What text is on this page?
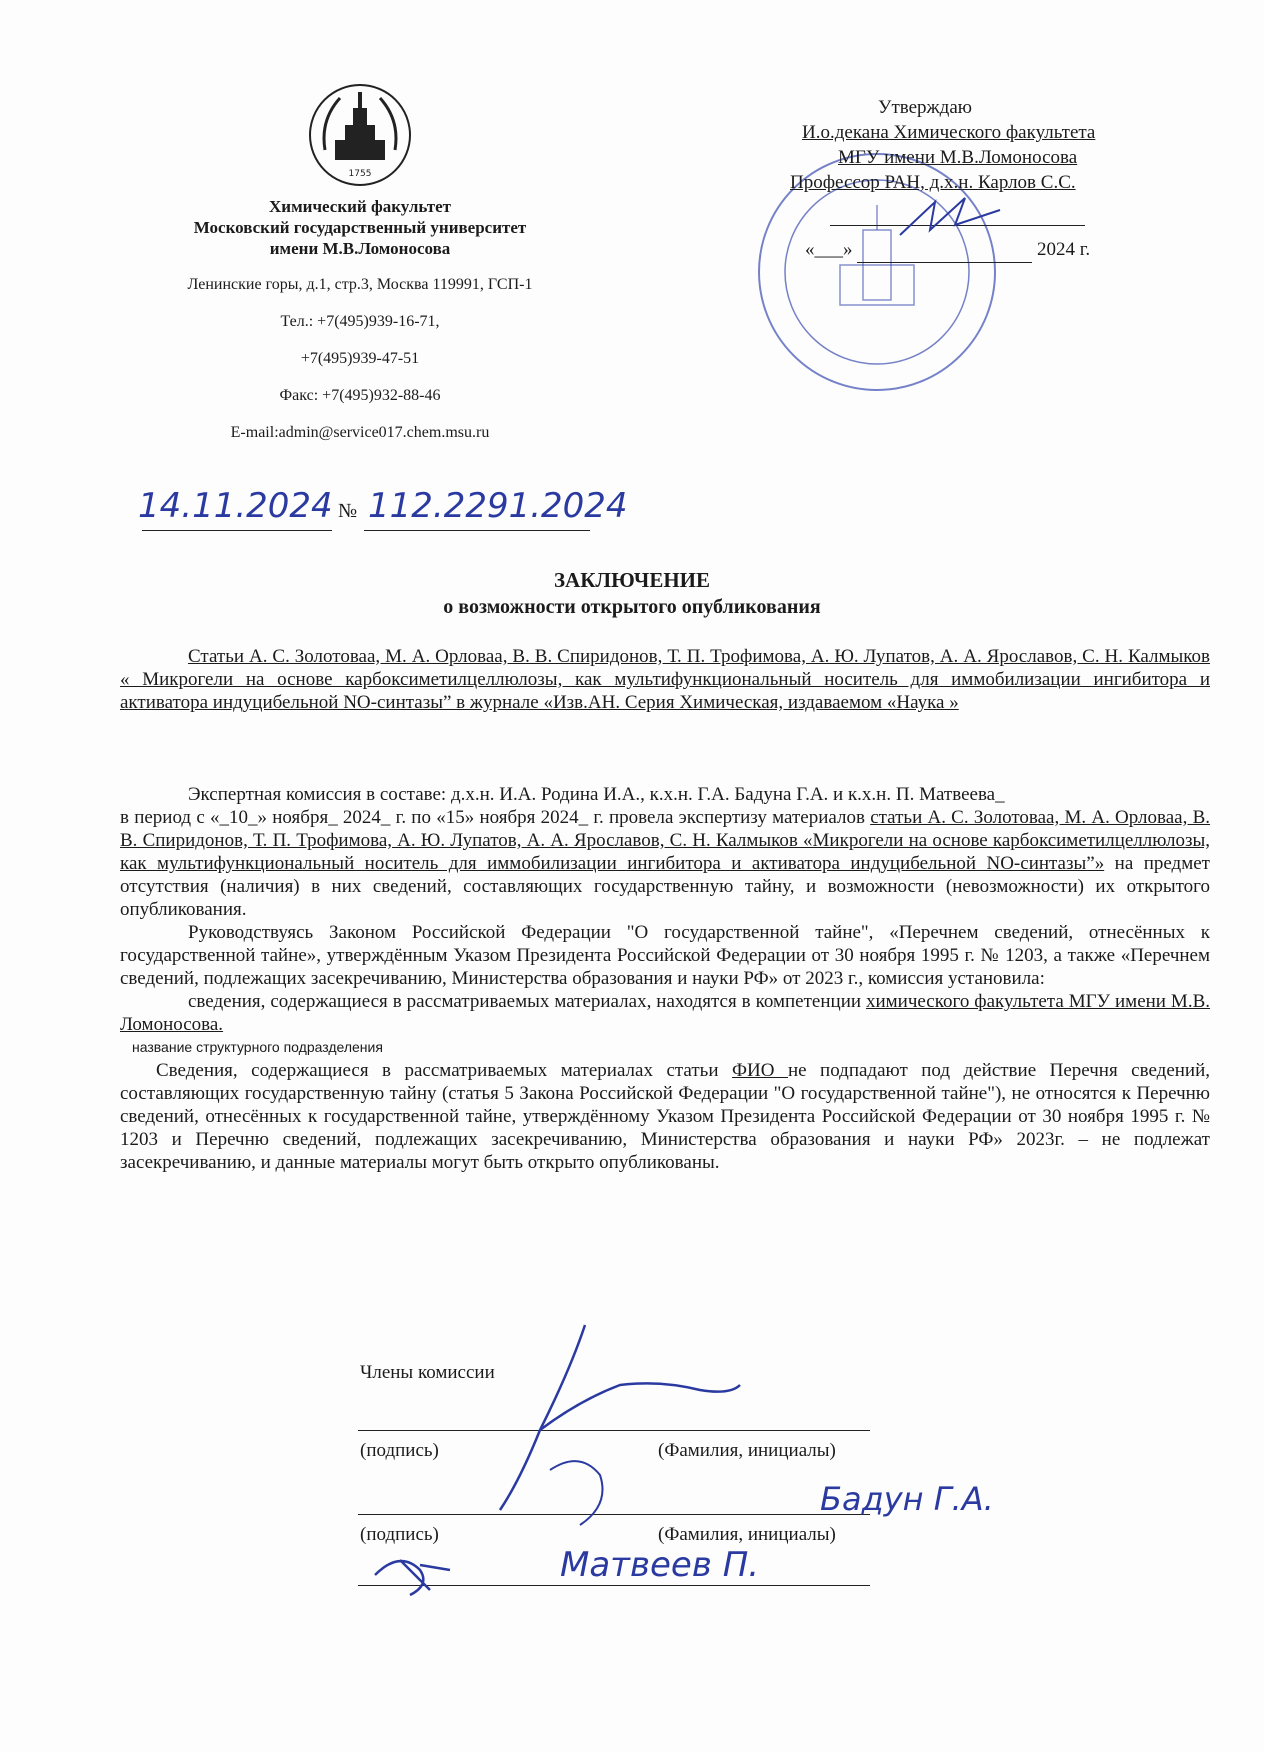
1755
Химический факультет
Московский государственный университет
имени М.В.Ломоносова
Ленинские горы, д.1, стр.3, Москва 119991, ГСП-1
Тел.: +7(495)939-16-71,
+7(495)939-47-51
Факс: +7(495)932-88-46
E-mail:admin@service017.chem.msu.ru
Утверждаю
И.о.декана Химического факультета
МГУ имени М.В.Ломоносова
Профессор РАН, д.х.н. Карлов С.С.
«___»	2024 г.
14.11.2024 № 112.2291.2024
ЗАКЛЮЧЕНИЕ
о возможности открытого опубликования
Статьи А. С. Золотоваа, М. А. Орловаа, В. В. Спиридонов, Т. П. Трофимова, А. Ю. Лупатов, А. А. Ярославов, С. Н. Калмыков « Микрогели на основе карбоксиметилцеллюлозы, как мультифункциональный носитель для иммобилизации ингибитора и активатора индуцибельной NO-синтазы” в журнале «Изв.АН. Серия Химическая, издаваемом «Наука »
Экспертная комиссия в составе: д.х.н. И.А. Родина И.А., к.х.н. Г.А. Бадуна Г.А. и к.х.н. П. Матвеева_
в период с «_10_» ноября_ 2024_ г. по «15» ноября 2024_ г. провела экспертизу материалов статьи А. С. Золотоваа, М. А. Орловаа, В. В. Спиридонов, Т. П. Трофимова, А. Ю. Лупатов, А. А. Ярославов, С. Н. Калмыков «Микрогели на основе карбоксиметилцеллюлозы, как мультифункциональный носитель для иммобилизации ингибитора и активатора индуцибельной NO-синтазы”» на предмет отсутствия (наличия) в них сведений, составляющих государственную тайну, и возможности (невозможности) их открытого опубликования.
Руководствуясь Законом Российской Федерации "О государственной тайне", «Перечнем сведений, отнесённых к государственной тайне», утверждённым Указом Президента Российской Федерации от 30 ноября 1995 г. № 1203, а также «Перечнем сведений, подлежащих засекречиванию, Министерства образования и науки РФ» от 2023 г., комиссия установила:
сведения, содержащиеся в рассматриваемых материалах, находятся в компетенции химического факультета МГУ имени М.В. Ломоносова.
название структурного подразделения
Сведения, содержащиеся в рассматриваемых материалах статьи ФИО не подпадают под действие Перечня сведений, составляющих государственную тайну (статья 5 Закона Российской Федерации "О государственной тайне"), не относятся к Перечню сведений, отнесённых к государственной тайне, утверждённому Указом Президента Российской Федерации от 30 ноября 1995 г. № 1203 и Перечню сведений, подлежащих засекречиванию, Министерства образования и науки РФ» 2023г. – не подлежат засекречиванию, и данные материалы могут быть открыто опубликованы.
Члены комиссии
(подпись)	(Фамилия, инициалы)
(подпись)	(Фамилия, инициалы)
Бадун Г.А.
Матвеев П.
